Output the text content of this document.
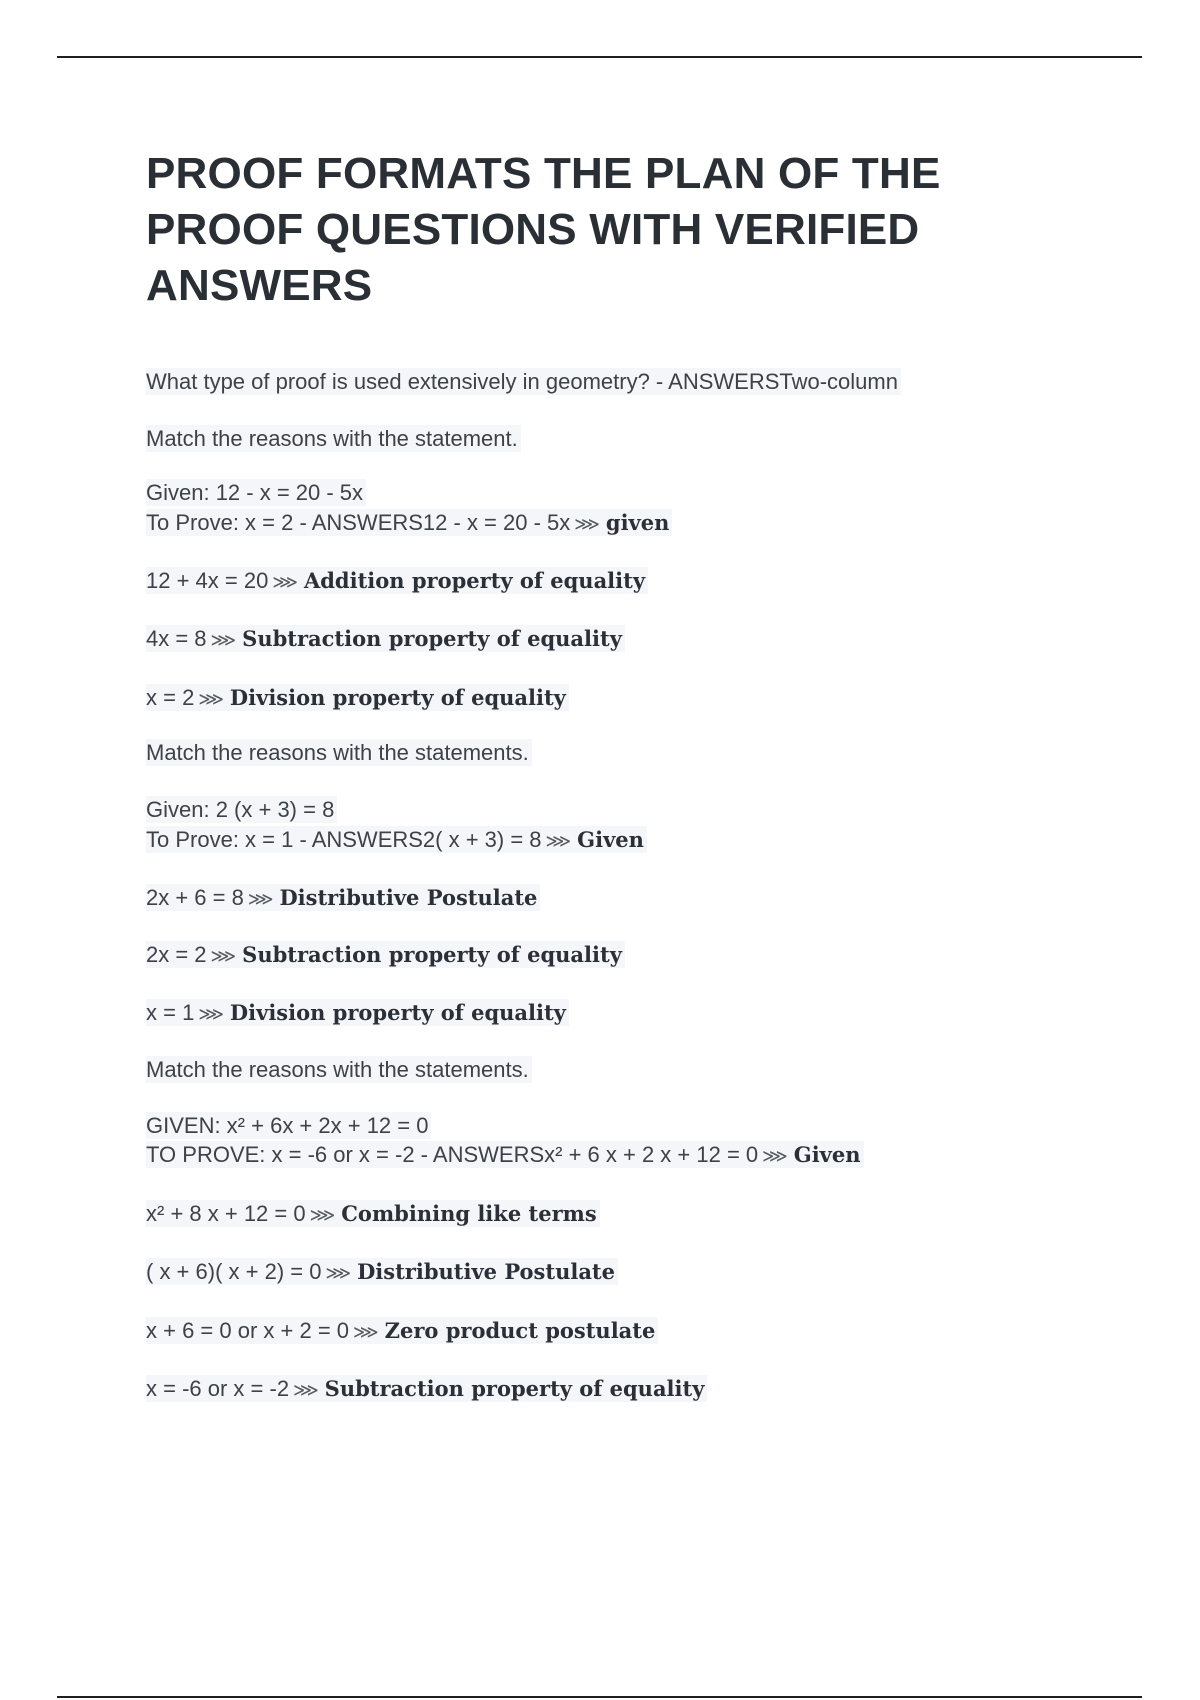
PROOF FORMATS THE PLAN OF THE PROOF QUESTIONS WITH VERIFIED ANSWERS
What type of proof is used extensively in geometry? - ANSWERSTwo-column
Match the reasons with the statement.
Given: 12 - x = 20 - 5x
To Prove: x = 2 - ANSWERS12 - x = 20 - 5x ⋙ given
12 + 4x = 20 ⋙ Addition property of equality
4x = 8 ⋙ Subtraction property of equality
x = 2 ⋙ Division property of equality
Match the reasons with the statements.
Given: 2 (x + 3) = 8
To Prove: x = 1 - ANSWERS2( x + 3) = 8 ⋙ Given
2x + 6 = 8 ⋙ Distributive Postulate
2x = 2 ⋙ Subtraction property of equality
x = 1 ⋙ Division property of equality
Match the reasons with the statements.
GIVEN: x² + 6x + 2x + 12 = 0
TO PROVE: x = -6 or x = -2 - ANSWERSx² + 6 x + 2 x + 12 = 0 ⋙ Given
x² + 8 x + 12 = 0 ⋙ Combining like terms
( x + 6)( x + 2) = 0 ⋙ Distributive Postulate
x + 6 = 0 or x + 2 = 0 ⋙ Zero product postulate
x = -6 or x = -2 ⋙ Subtraction property of equality
